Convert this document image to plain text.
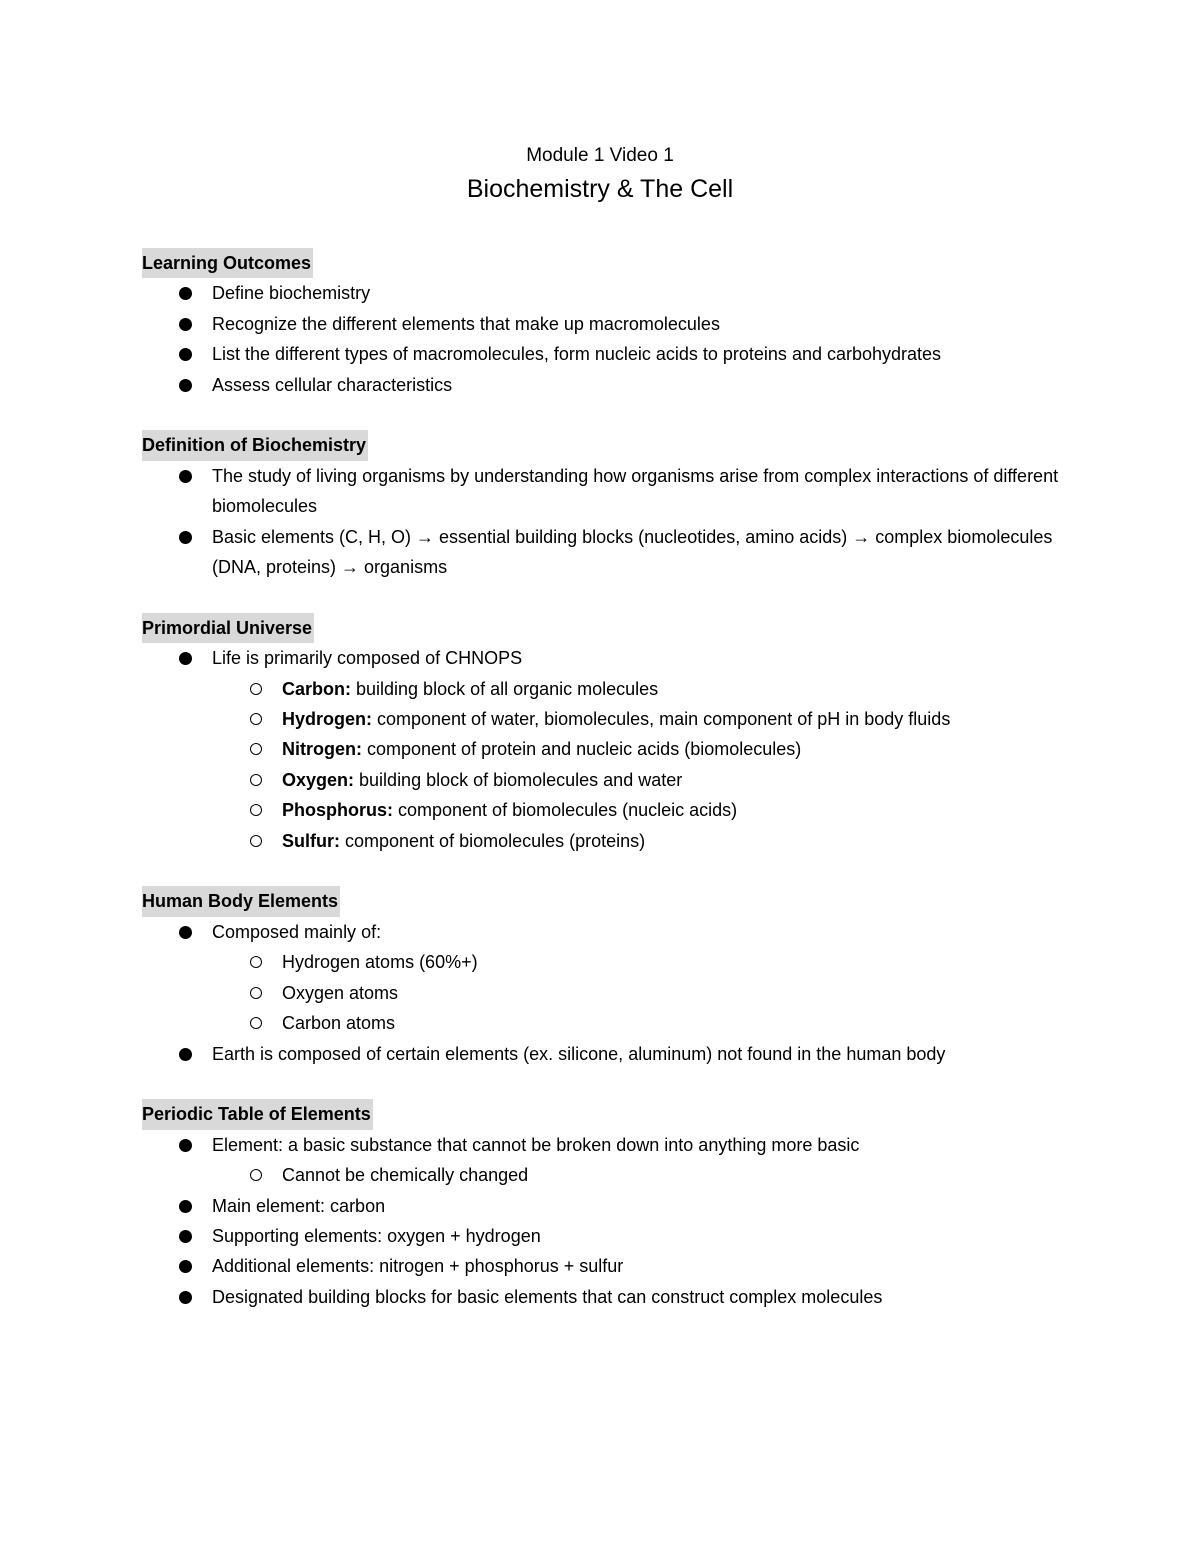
Module 1 Video 1
Biochemistry & The Cell
Learning Outcomes
Define biochemistry
Recognize the different elements that make up macromolecules
List the different types of macromolecules, form nucleic acids to proteins and carbohydrates
Assess cellular characteristics
Definition of Biochemistry
The study of living organisms by understanding how organisms arise from complex interactions of different biomolecules
Basic elements (C, H, O) → essential building blocks (nucleotides, amino acids) → complex biomolecules (DNA, proteins) → organisms
Primordial Universe
Life is primarily composed of CHNOPS
Carbon: building block of all organic molecules
Hydrogen: component of water, biomolecules, main component of pH in body fluids
Nitrogen: component of protein and nucleic acids (biomolecules)
Oxygen: building block of biomolecules and water
Phosphorus: component of biomolecules (nucleic acids)
Sulfur: component of biomolecules (proteins)
Human Body Elements
Composed mainly of:
Hydrogen atoms (60%+)
Oxygen atoms
Carbon atoms
Earth is composed of certain elements (ex. silicone, aluminum) not found in the human body
Periodic Table of Elements
Element: a basic substance that cannot be broken down into anything more basic
Cannot be chemically changed
Main element: carbon
Supporting elements: oxygen + hydrogen
Additional elements: nitrogen + phosphorus + sulfur
Designated building blocks for basic elements that can construct complex molecules
